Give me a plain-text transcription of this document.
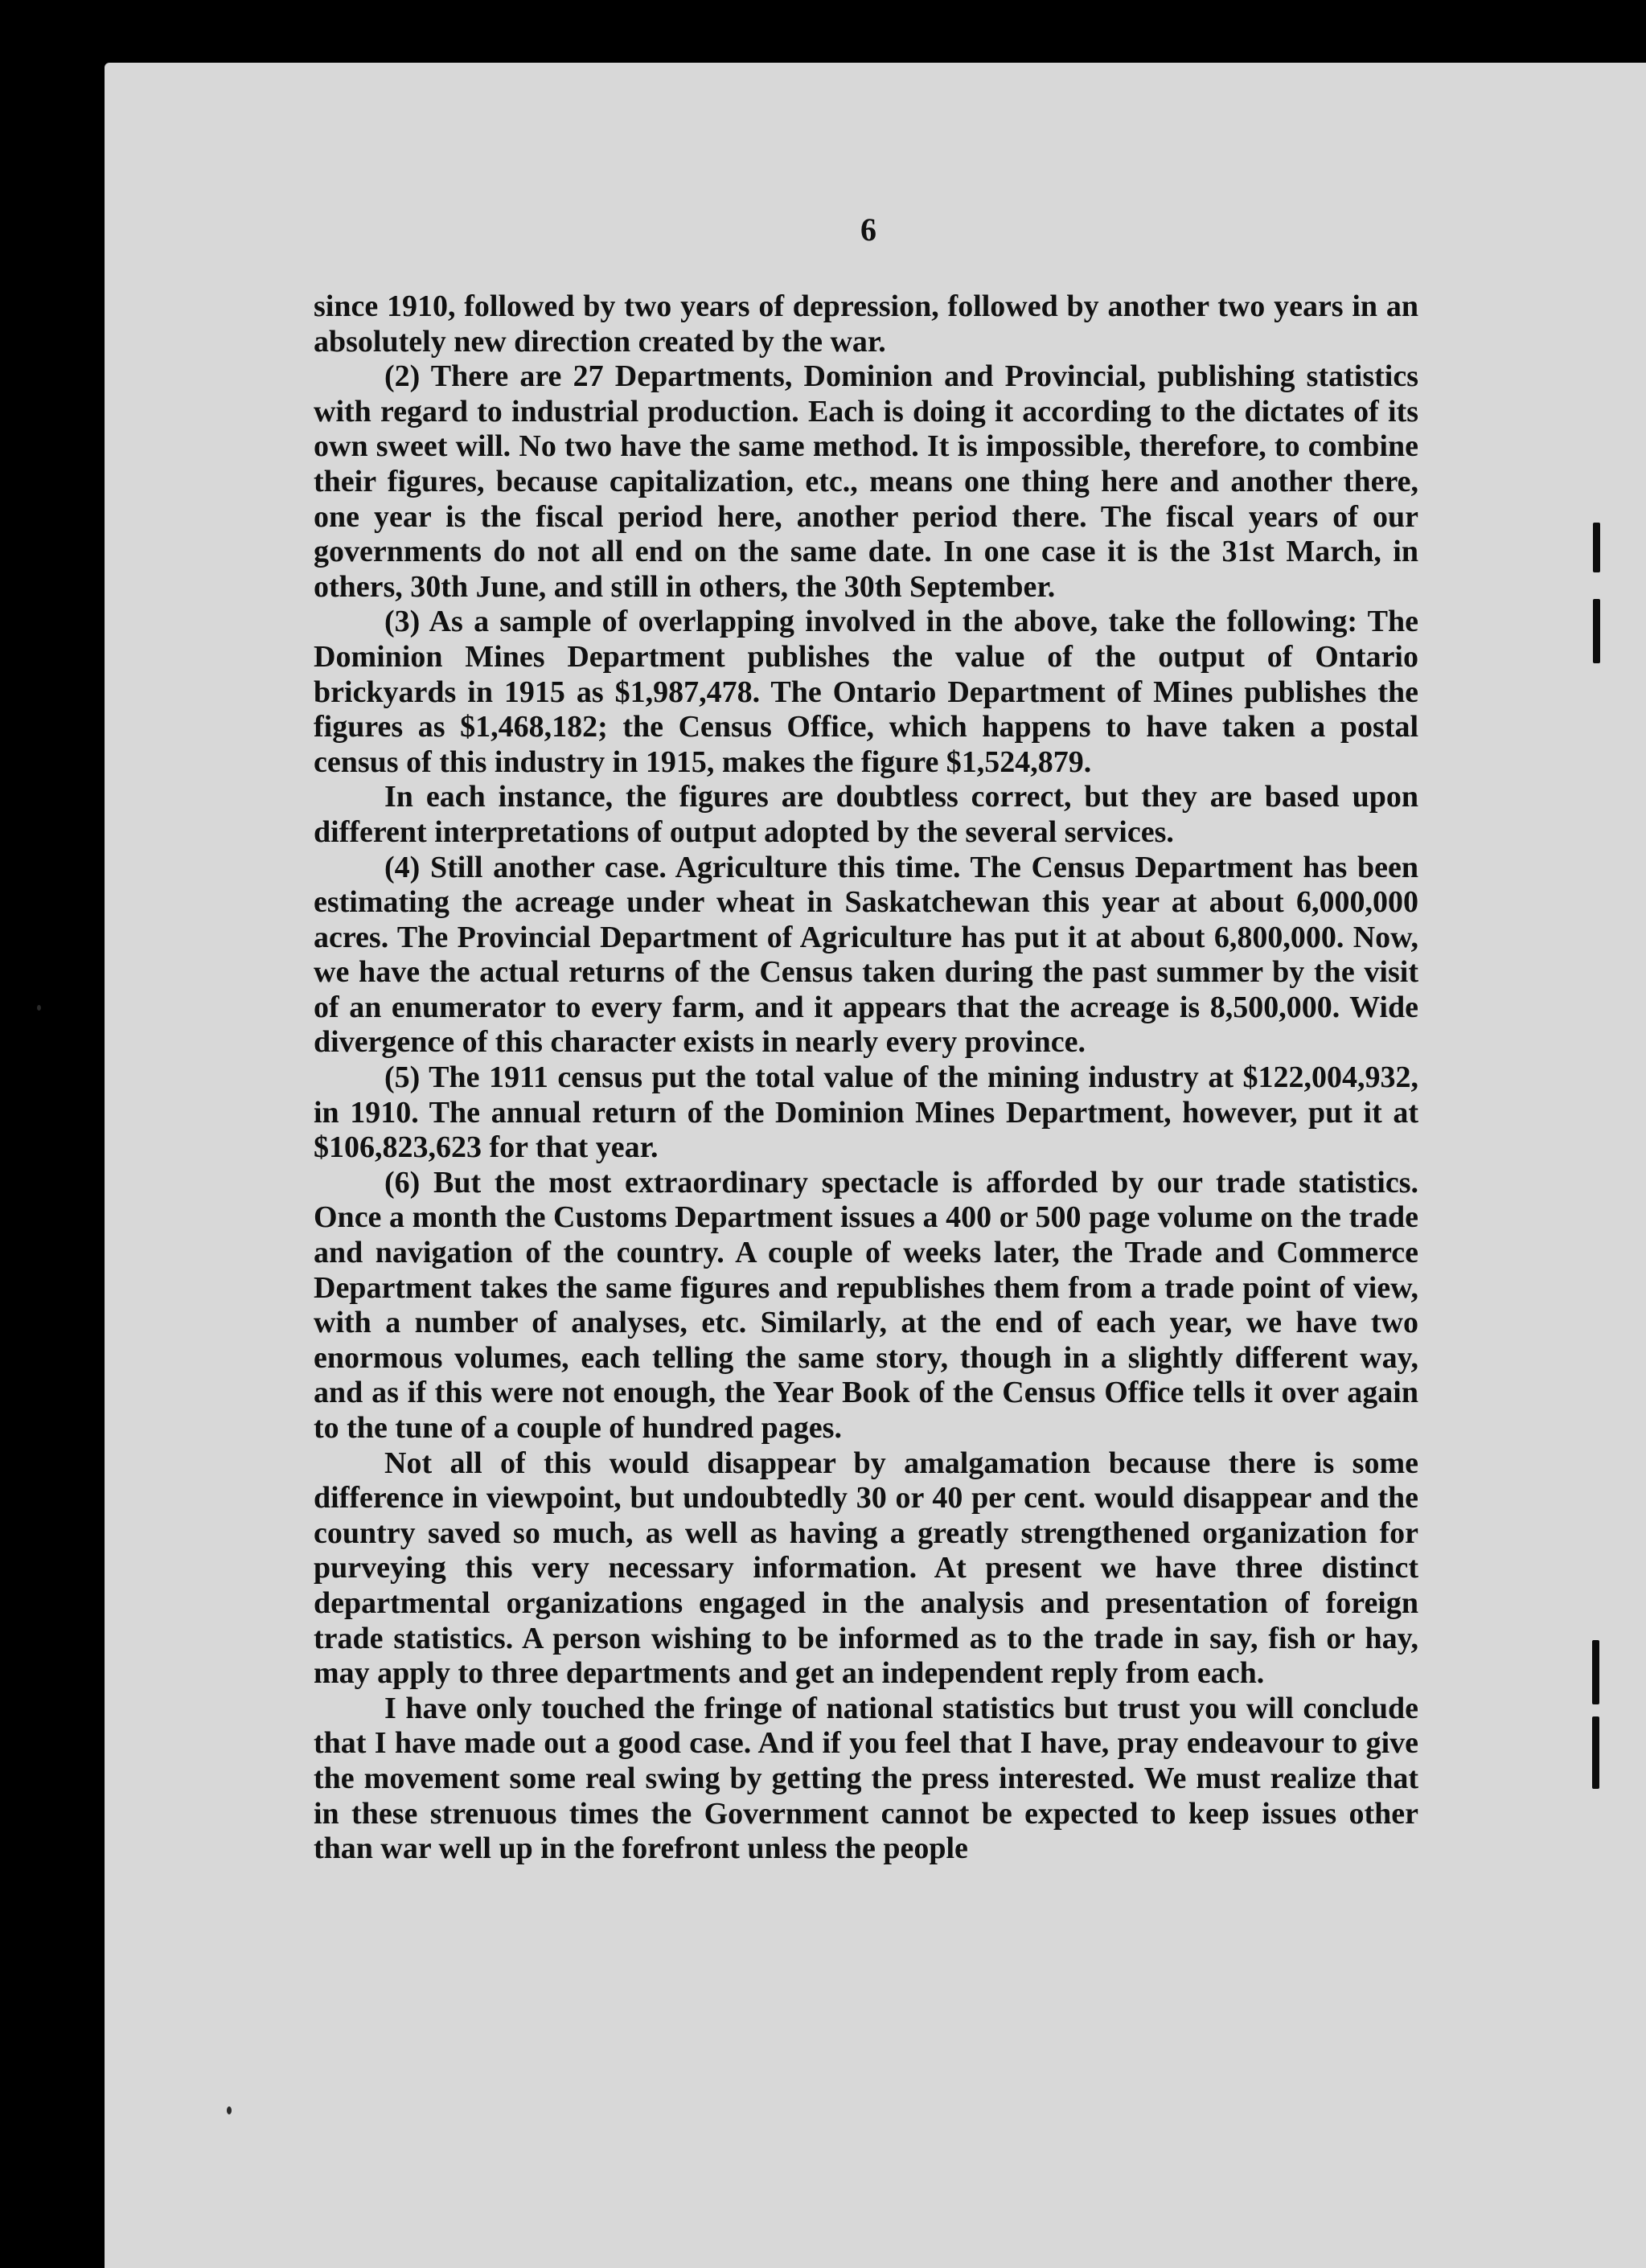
6

since 1910, followed by two years of depression, followed by another two years in an absolutely new direction created by the war.

(2) There are 27 Departments, Dominion and Provincial, publishing statistics with regard to industrial production. Each is doing it according to the dictates of its own sweet will. No two have the same method. It is impossible, therefore, to combine their figures, because capitalization, etc., means one thing here and another there, one year is the fiscal period here, another period there. The fiscal years of our governments do not all end on the same date. In one case it is the 31st March, in others, 30th June, and still in others, the 30th September.

(3) As a sample of overlapping involved in the above, take the following: The Dominion Mines Department publishes the value of the output of Ontario brickyards in 1915 as $1,987,478. The Ontario Department of Mines publishes the figures as $1,468,182; the Census Office, which happens to have taken a postal census of this industry in 1915, makes the figure $1,524,879.

In each instance, the figures are doubtless correct, but they are based upon different interpretations of output adopted by the several services.

(4) Still another case. Agriculture this time. The Census Department has been estimating the acreage under wheat in Saskatchewan this year at about 6,000,000 acres. The Provincial Department of Agriculture has put it at about 6,800,000. Now, we have the actual returns of the Census taken during the past summer by the visit of an enumerator to every farm, and it appears that the acreage is 8,500,000. Wide divergence of this character exists in nearly every province.

(5) The 1911 census put the total value of the mining industry at $122,004,932, in 1910. The annual return of the Dominion Mines Department, however, put it at $106,823,623 for that year.

(6) But the most extraordinary spectacle is afforded by our trade statistics. Once a month the Customs Department issues a 400 or 500 page volume on the trade and navigation of the country. A couple of weeks later, the Trade and Commerce Department takes the same figures and republishes them from a trade point of view, with a number of analyses, etc. Similarly, at the end of each year, we have two enormous volumes, each telling the same story, though in a slightly different way, and as if this were not enough, the Year Book of the Census Office tells it over again to the tune of a couple of hundred pages.

Not all of this would disappear by amalgamation because there is some difference in viewpoint, but undoubtedly 30 or 40 per cent. would disappear and the country saved so much, as well as having a greatly strengthened organization for purveying this very necessary information. At present we have three distinct departmental organizations engaged in the analysis and presentation of foreign trade statistics. A person wishing to be informed as to the trade in say, fish or hay, may apply to three departments and get an independent reply from each.

I have only touched the fringe of national statistics but trust you will conclude that I have made out a good case. And if you feel that I have, pray endeavour to give the movement some real swing by getting the press interested. We must realize that in these strenuous times the Government cannot be expected to keep issues other than war well up in the forefront unless the people
